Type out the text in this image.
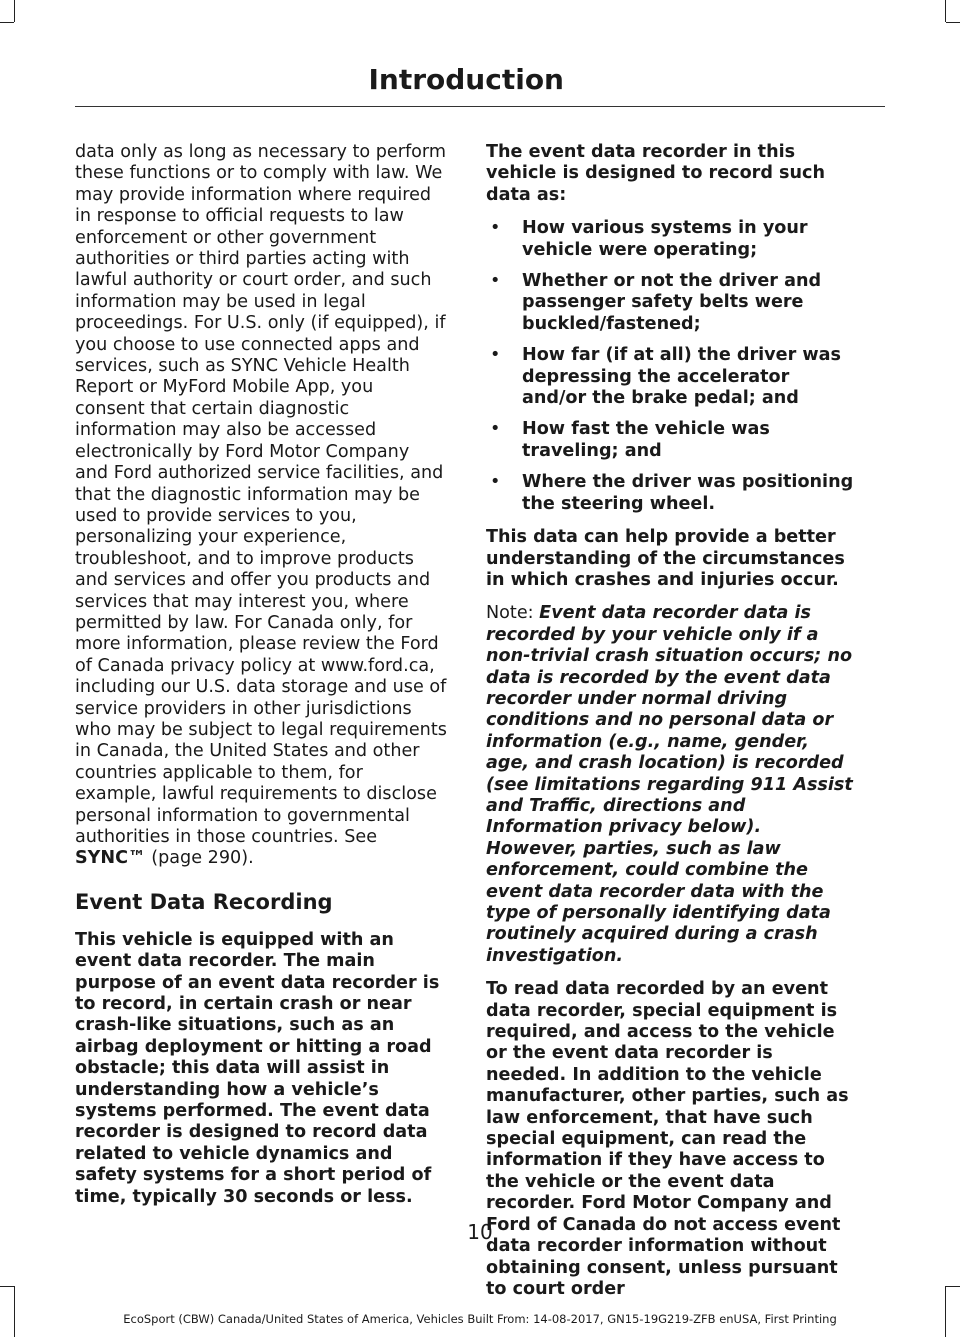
Introduction

data only as long as necessary to perform these functions or to comply with law. We may provide information where required in response to official requests to law enforcement or other government authorities or third parties acting with lawful authority or court order, and such information may be used in legal proceedings. For U.S. only (if equipped), if you choose to use connected apps and services, such as SYNC Vehicle Health Report or MyFord Mobile App, you consent that certain diagnostic information may also be accessed electronically by Ford Motor Company and Ford authorized service facilities, and that the diagnostic information may be used to provide services to you, personalizing your experience, troubleshoot, and to improve products and services and offer you products and services that may interest you, where permitted by law. For Canada only, for more information, please review the Ford of Canada privacy policy at www.ford.ca, including our U.S. data storage and use of service providers in other jurisdictions who may be subject to legal requirements in Canada, the United States and other countries applicable to them, for example, lawful requirements to disclose personal information to governmental authorities in those countries. See SYNC™ (page 290).

Event Data Recording

This vehicle is equipped with an event data recorder. The main purpose of an event data recorder is to record, in certain crash or near crash-like situations, such as an airbag deployment or hitting a road obstacle; this data will assist in understanding how a vehicle’s systems performed. The event data recorder is designed to record data related to vehicle dynamics and safety systems for a short period of time, typically 30 seconds or less.

The event data recorder in this vehicle is designed to record such data as:

• How various systems in your vehicle were operating;
• Whether or not the driver and passenger safety belts were buckled/fastened;
• How far (if at all) the driver was depressing the accelerator and/or the brake pedal; and
• How fast the vehicle was traveling; and
• Where the driver was positioning the steering wheel.

This data can help provide a better understanding of the circumstances in which crashes and injuries occur.

Note: Event data recorder data is recorded by your vehicle only if a non-trivial crash situation occurs; no data is recorded by the event data recorder under normal driving conditions and no personal data or information (e.g., name, gender, age, and crash location) is recorded (see limitations regarding 911 Assist and Traffic, directions and Information privacy below). However, parties, such as law enforcement, could combine the event data recorder data with the type of personally identifying data routinely acquired during a crash investigation.

To read data recorded by an event data recorder, special equipment is required, and access to the vehicle or the event data recorder is needed. In addition to the vehicle manufacturer, other parties, such as law enforcement, that have such special equipment, can read the information if they have access to the vehicle or the event data recorder. Ford Motor Company and Ford of Canada do not access event data recorder information without obtaining consent, unless pursuant to court order

10
EcoSport (CBW) Canada/United States of America, Vehicles Built From: 14-08-2017, GN15-19G219-ZFB enUSA, First Printing
